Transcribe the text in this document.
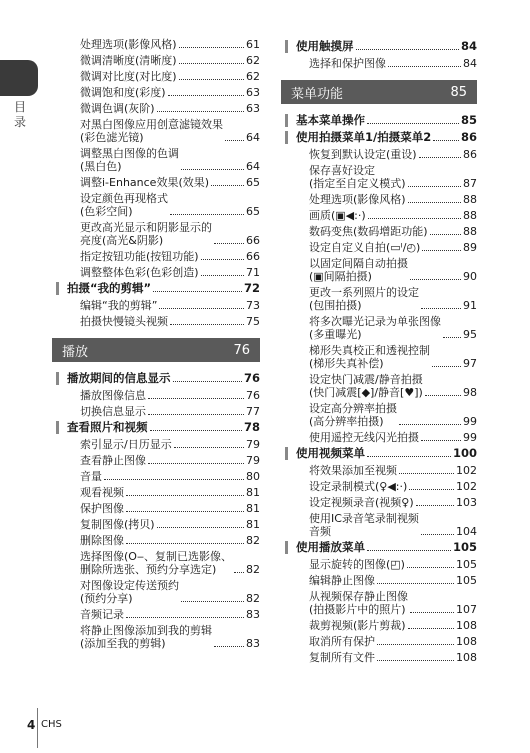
目
录
处理选项(影像风格)	61
微调清晰度(清晰度)	62
微调对比度(对比度)	62
微调饱和度(彩度)	63
微调色调(灰阶)	63
对黑白图像应用创意滤镜效果
(彩色滤光镜)	64
调整黑白图像的色调
(黑白色)	64
调整i-Enhance效果(效果)	65
设定颜色再现格式
(色彩空间)	65
更改高光显示和阴影显示的
亮度(高光&阴影)	66
指定按钮功能(按钮功能)	66
调整整体色彩(色彩创造)	71
拍摄“我的剪辑”	72
编辑“我的剪辑”	73
拍摄快慢镜头视频	75
播放	76
播放期间的信息显示	76
播放图像信息	76
切换信息显示	77
查看照片和视频	78
索引显示/日历显示	79
查看静止图像	79
音量	80
观看视频	81
保护图像	81
复制图像(拷贝)	81
删除图像	82
选择图像(О‒、复制已选影像、
删除所选张、预约分享选定)	82
对图像设定传送预约
(预约分享)	82
音频记录	83
将静止图像添加到我的剪辑
(添加至我的剪辑)	83
使用触摸屏	84
选择和保护图像	84
菜单功能	85
基本菜单操作	85
使用拍摄菜单1/拍摄菜单2	86
恢复到默认设定(重设)	86
保存喜好设定
(指定至自定义模式)	87
处理选项(影像风格)	88
画质(▣◀:·)	88
数码变焦(数码增距功能)	88
设定自定义自拍(▭ᴵ/◴)	89
以固定间隔自动拍摄
(▣间隔拍摄)	90
更改一系列照片的设定
(包围拍摄)	91
将多次曝光记录为单张图像
(多重曝光)	95
梯形失真校正和透视控制
(梯形失真补偿)	97
设定快门减震/静音拍摄
(快门减震[◆]/静音[♥])	98
设定高分辨率拍摄
(高分辨率拍摄)	99
使用遥控无线闪光拍摄	99
使用视频菜单	100
将效果添加至视频	102
设定录制模式(♀◀:·)	102
设定视频录音(视频♀)	103
使用IC录音笔录制视频
音频	104
使用播放菜单	105
显示旋转的图像(◰)	105
编辑静止图像	105
从视频保存静止图像
(拍摄影片中的照片)	107
裁剪视频(影片剪裁)	108
取消所有保护	108
复制所有文件	108
4 CHS
